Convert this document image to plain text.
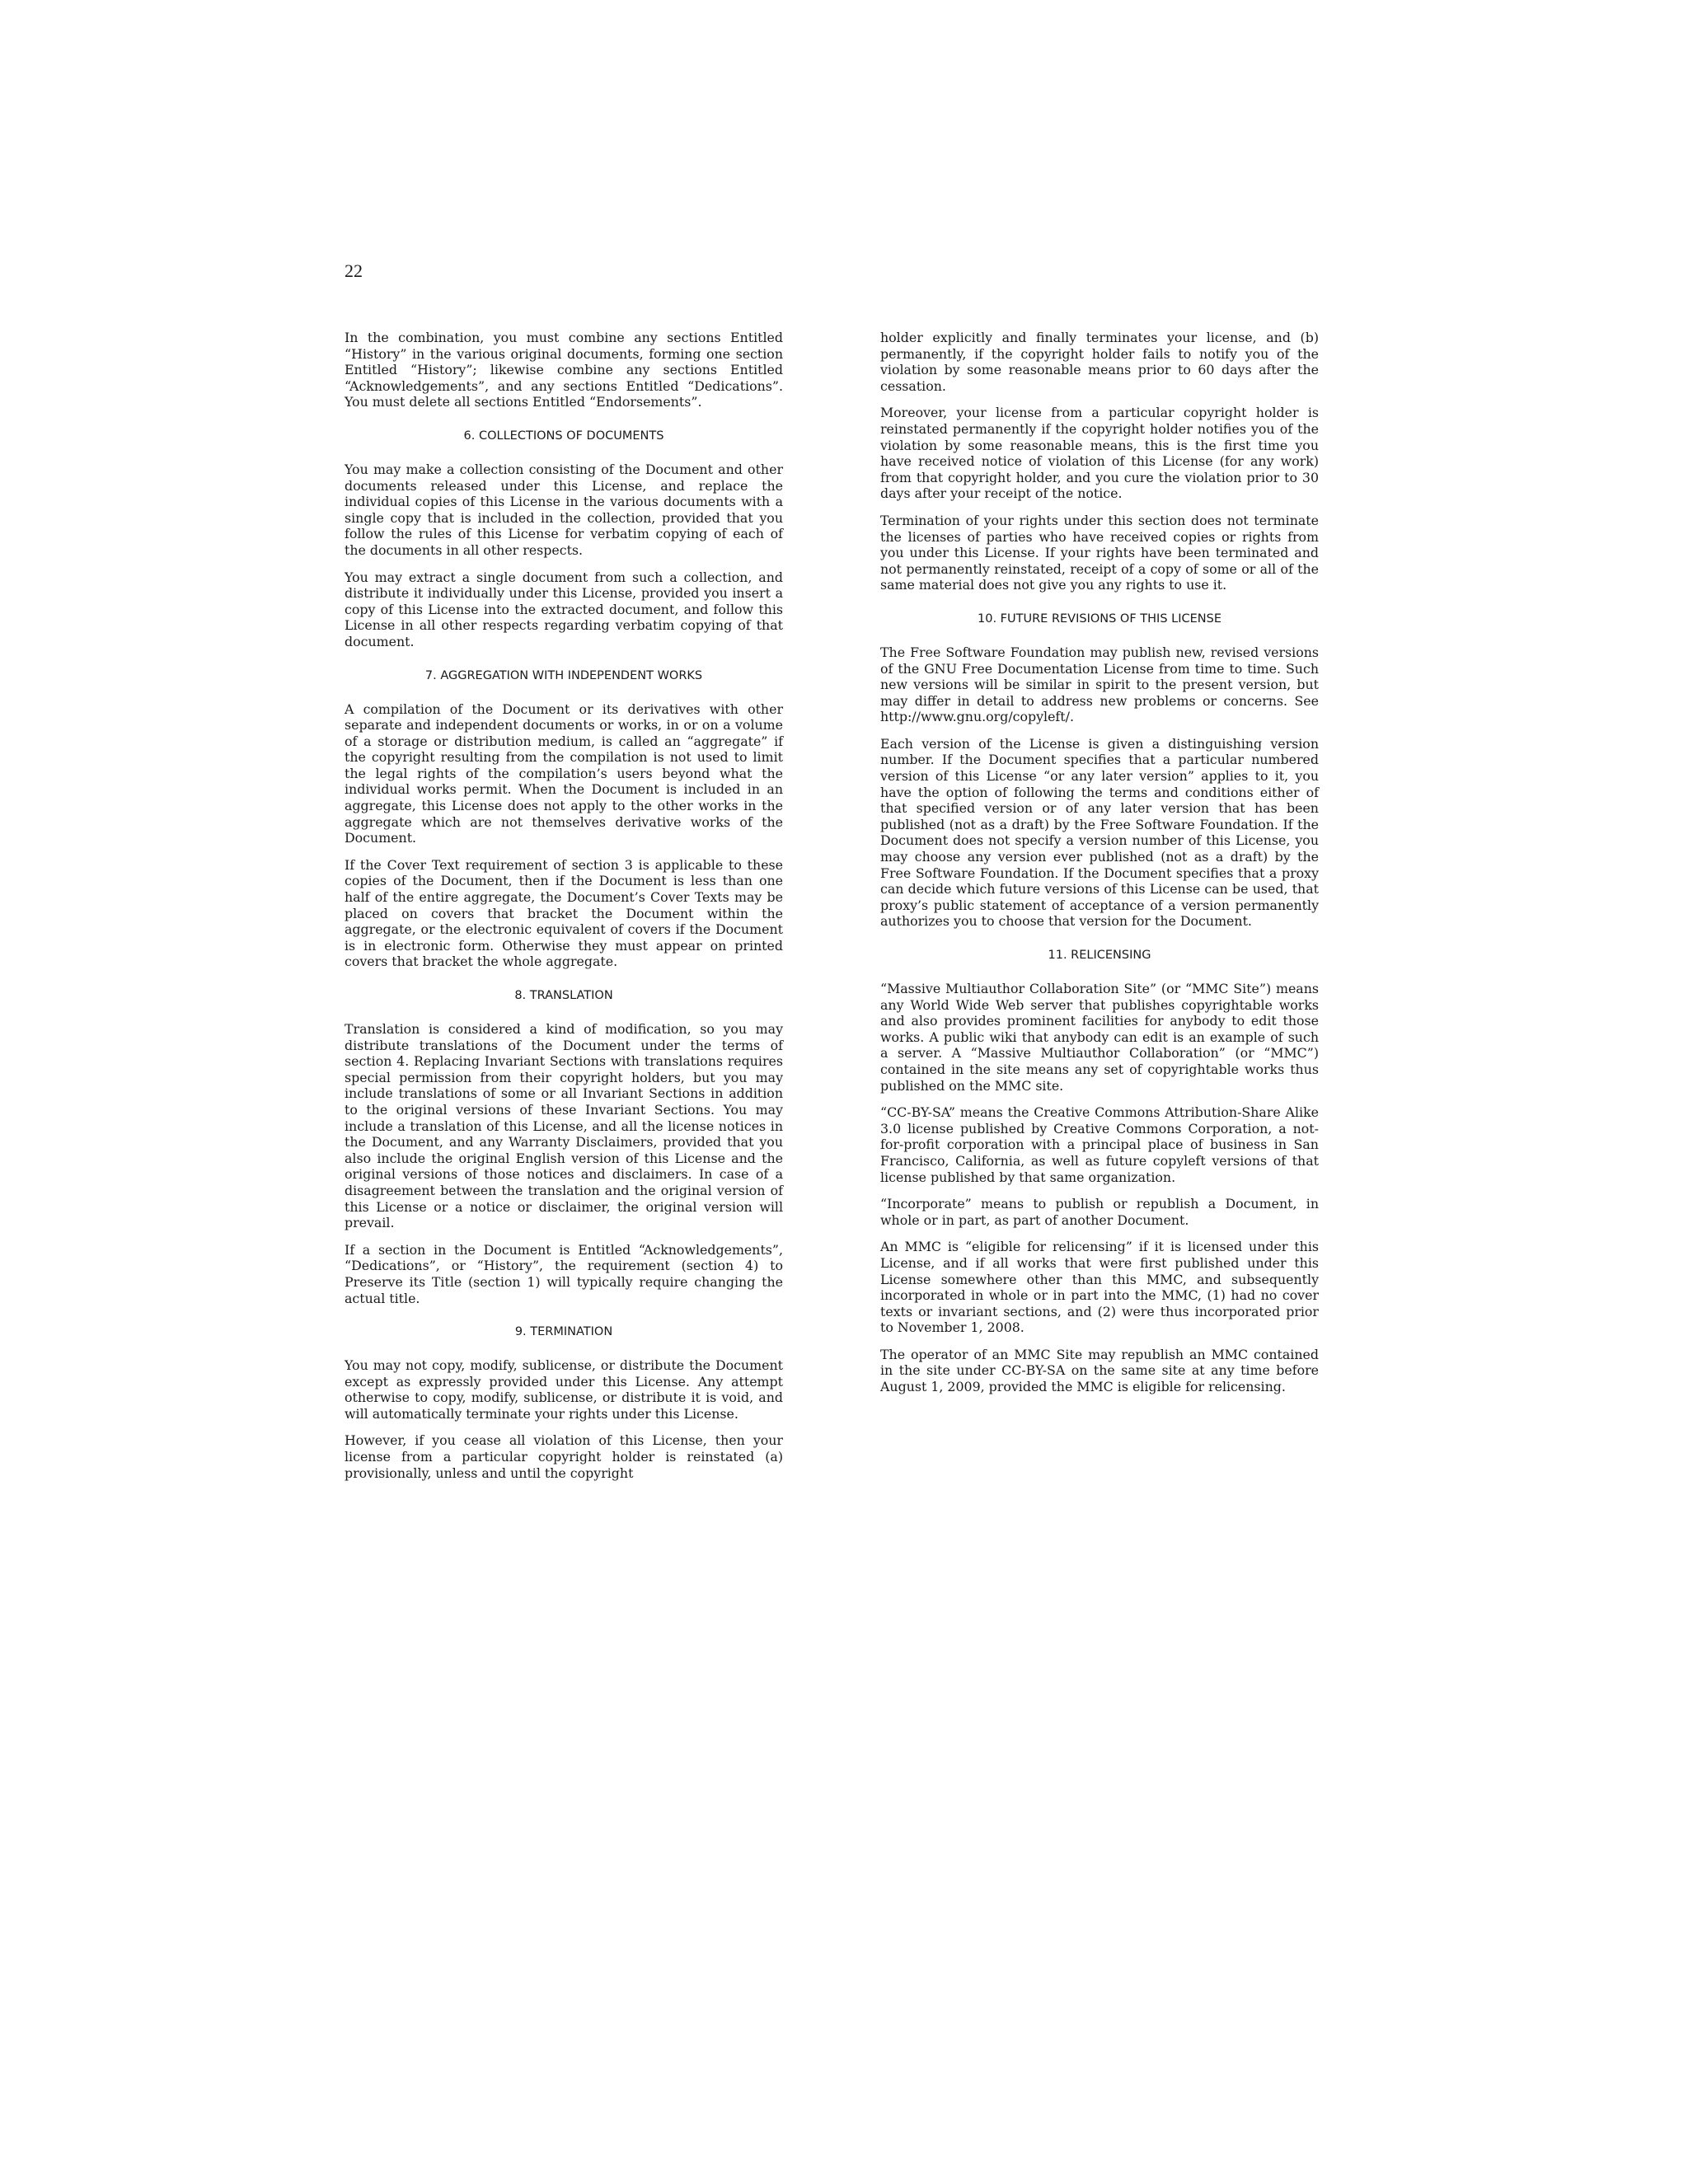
22

In the combination, you must combine any sections Entitled “History” in the various original documents, forming one section Entitled “History”; likewise combine any sections Entitled “Acknowledgements”, and any sections Entitled “Dedications”. You must delete all sections Entitled “Endorsements”.

6. COLLECTIONS OF DOCUMENTS

You may make a collection consisting of the Document and other documents released under this License, and replace the individual copies of this License in the various documents with a single copy that is included in the collection, provided that you follow the rules of this License for verbatim copying of each of the documents in all other respects.

You may extract a single document from such a collection, and distribute it individually under this License, provided you insert a copy of this License into the extracted document, and follow this License in all other respects regarding verbatim copying of that document.

7. AGGREGATION WITH INDEPENDENT WORKS

A compilation of the Document or its derivatives with other separate and independent documents or works, in or on a volume of a storage or distribution medium, is called an “aggregate” if the copyright resulting from the compilation is not used to limit the legal rights of the compilation’s users beyond what the individual works permit. When the Document is included in an aggregate, this License does not apply to the other works in the aggregate which are not themselves derivative works of the Document.

If the Cover Text requirement of section 3 is applicable to these copies of the Document, then if the Document is less than one half of the entire aggregate, the Document’s Cover Texts may be placed on covers that bracket the Document within the aggregate, or the electronic equivalent of covers if the Document is in electronic form. Otherwise they must appear on printed covers that bracket the whole aggregate.

8. TRANSLATION

Translation is considered a kind of modification, so you may distribute translations of the Document under the terms of section 4. Replacing Invariant Sections with translations requires special permission from their copyright holders, but you may include translations of some or all Invariant Sections in addition to the original versions of these Invariant Sections. You may include a translation of this License, and all the license notices in the Document, and any Warranty Disclaimers, provided that you also include the original English version of this License and the original versions of those notices and disclaimers. In case of a disagreement between the translation and the original version of this License or a notice or disclaimer, the original version will prevail.

If a section in the Document is Entitled “Acknowledgements”, “Dedications”, or “History”, the requirement (section 4) to Preserve its Title (section 1) will typically require changing the actual title.

9. TERMINATION

You may not copy, modify, sublicense, or distribute the Document except as expressly provided under this License. Any attempt otherwise to copy, modify, sublicense, or distribute it is void, and will automatically terminate your rights under this License.

However, if you cease all violation of this License, then your license from a particular copyright holder is reinstated (a) provisionally, unless and until the copyright

holder explicitly and finally terminates your license, and (b) permanently, if the copyright holder fails to notify you of the violation by some reasonable means prior to 60 days after the cessation.

Moreover, your license from a particular copyright holder is reinstated permanently if the copyright holder notifies you of the violation by some reasonable means, this is the first time you have received notice of violation of this License (for any work) from that copyright holder, and you cure the violation prior to 30 days after your receipt of the notice.

Termination of your rights under this section does not terminate the licenses of parties who have received copies or rights from you under this License. If your rights have been terminated and not permanently reinstated, receipt of a copy of some or all of the same material does not give you any rights to use it.

10. FUTURE REVISIONS OF THIS LICENSE

The Free Software Foundation may publish new, revised versions of the GNU Free Documentation License from time to time. Such new versions will be similar in spirit to the present version, but may differ in detail to address new problems or concerns. See http://www.gnu.org/copyleft/.

Each version of the License is given a distinguishing version number. If the Document specifies that a particular numbered version of this License “or any later version” applies to it, you have the option of following the terms and conditions either of that specified version or of any later version that has been published (not as a draft) by the Free Software Foundation. If the Document does not specify a version number of this License, you may choose any version ever published (not as a draft) by the Free Software Foundation. If the Document specifies that a proxy can decide which future versions of this License can be used, that proxy’s public statement of acceptance of a version permanently authorizes you to choose that version for the Document.

11. RELICENSING

“Massive Multiauthor Collaboration Site” (or “MMC Site”) means any World Wide Web server that publishes copyrightable works and also provides prominent facilities for anybody to edit those works. A public wiki that anybody can edit is an example of such a server. A “Massive Multiauthor Collaboration” (or “MMC”) contained in the site means any set of copyrightable works thus published on the MMC site.

“CC-BY-SA” means the Creative Commons Attribution-Share Alike 3.0 license published by Creative Commons Corporation, a not-for-profit corporation with a principal place of business in San Francisco, California, as well as future copyleft versions of that license published by that same organization.

“Incorporate” means to publish or republish a Document, in whole or in part, as part of another Document.

An MMC is “eligible for relicensing” if it is licensed under this License, and if all works that were first published under this License somewhere other than this MMC, and subsequently incorporated in whole or in part into the MMC, (1) had no cover texts or invariant sections, and (2) were thus incorporated prior to November 1, 2008.

The operator of an MMC Site may republish an MMC contained in the site under CC-BY-SA on the same site at any time before August 1, 2009, provided the MMC is eligible for relicensing.
